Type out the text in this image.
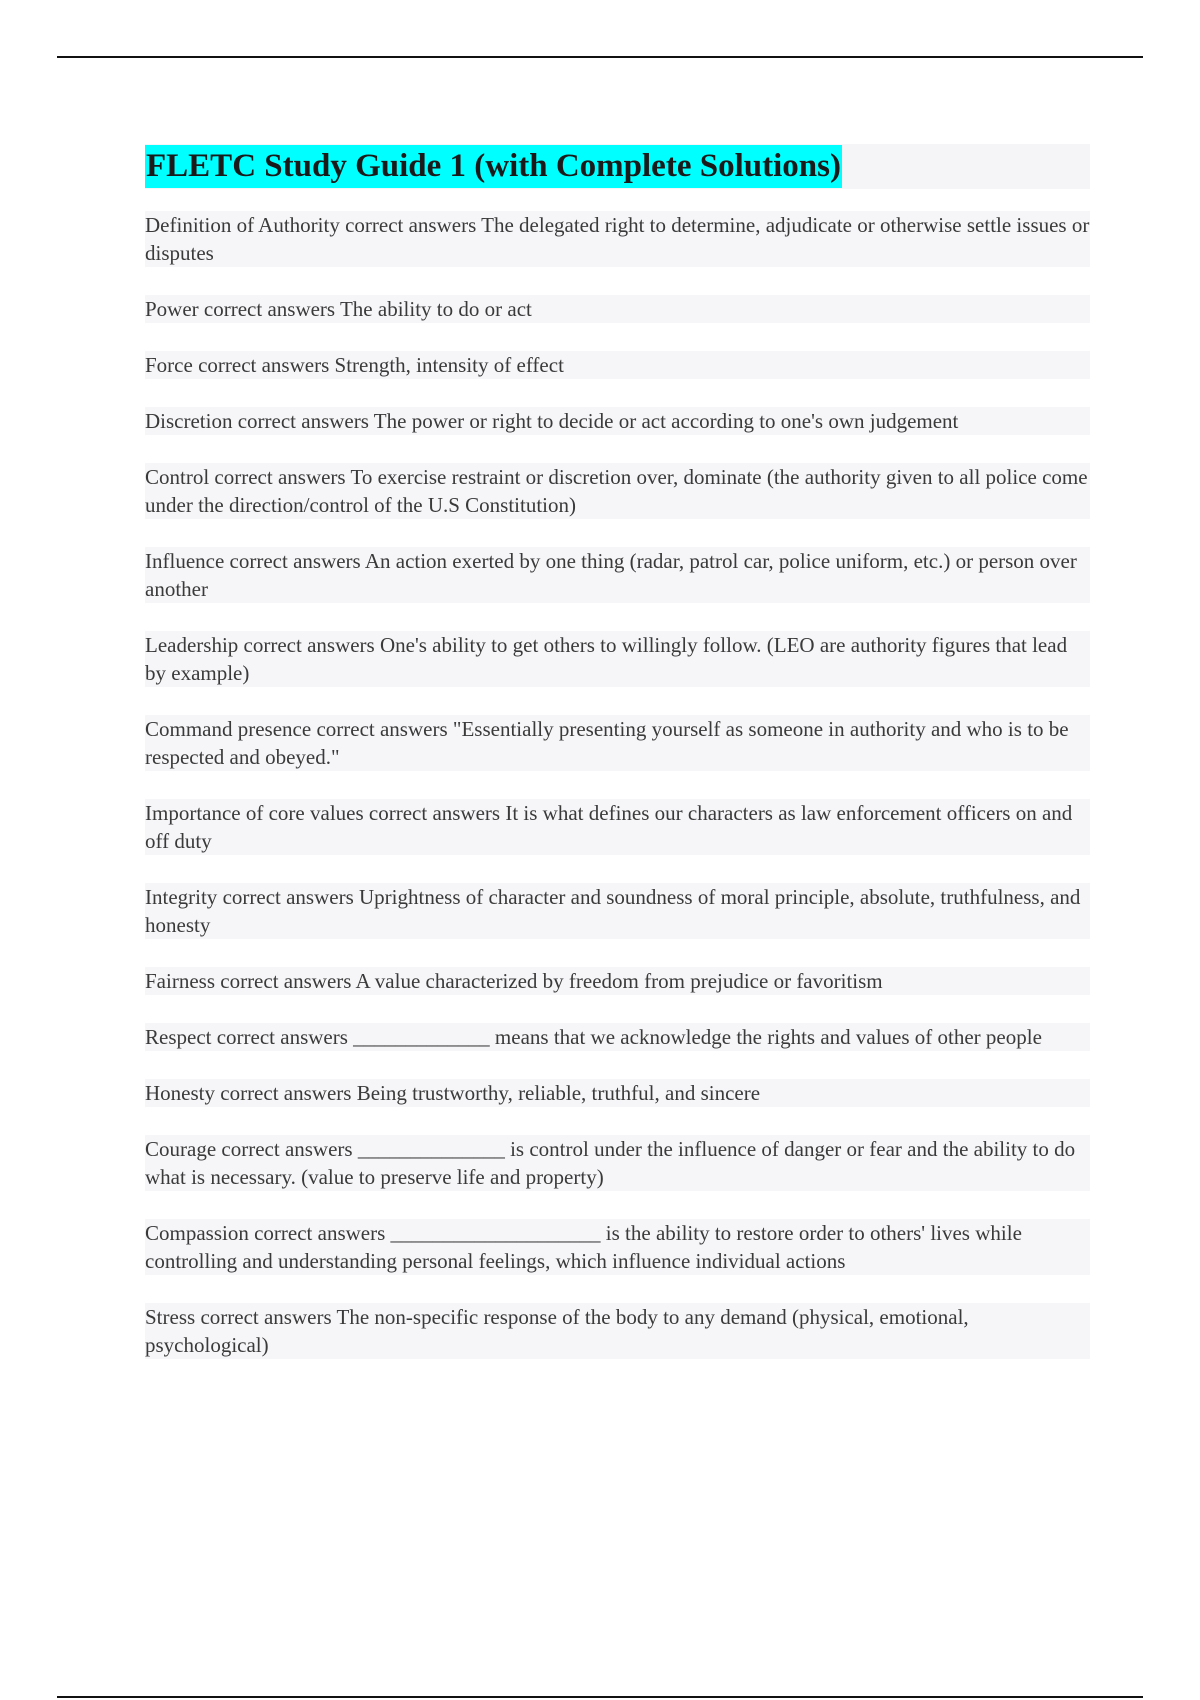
FLETC Study Guide 1 (with Complete Solutions)

Definition of Authority correct answers The delegated right to determine, adjudicate or otherwise settle issues or disputes

Power correct answers The ability to do or act

Force correct answers Strength, intensity of effect

Discretion correct answers The power or right to decide or act according to one's own judgement

Control correct answers To exercise restraint or discretion over, dominate (the authority given to all police come under the direction/control of the U.S Constitution)

Influence correct answers An action exerted by one thing (radar, patrol car, police uniform, etc.) or person over another

Leadership correct answers One's ability to get others to willingly follow. (LEO are authority figures that lead by example)

Command presence correct answers "Essentially presenting yourself as someone in authority and who is to be respected and obeyed."

Importance of core values correct answers It is what defines our characters as law enforcement officers on and off duty

Integrity correct answers Uprightness of character and soundness of moral principle, absolute, truthfulness, and honesty

Fairness correct answers A value characterized by freedom from prejudice or favoritism

Respect correct answers _____________ means that we acknowledge the rights and values of other people

Honesty correct answers Being trustworthy, reliable, truthful, and sincere

Courage correct answers ______________ is control under the influence of danger or fear and the ability to do what is necessary. (value to preserve life and property)

Compassion correct answers ____________________ is the ability to restore order to others' lives while controlling and understanding personal feelings, which influence individual actions

Stress correct answers The non-specific response of the body to any demand (physical, emotional, psychological)
